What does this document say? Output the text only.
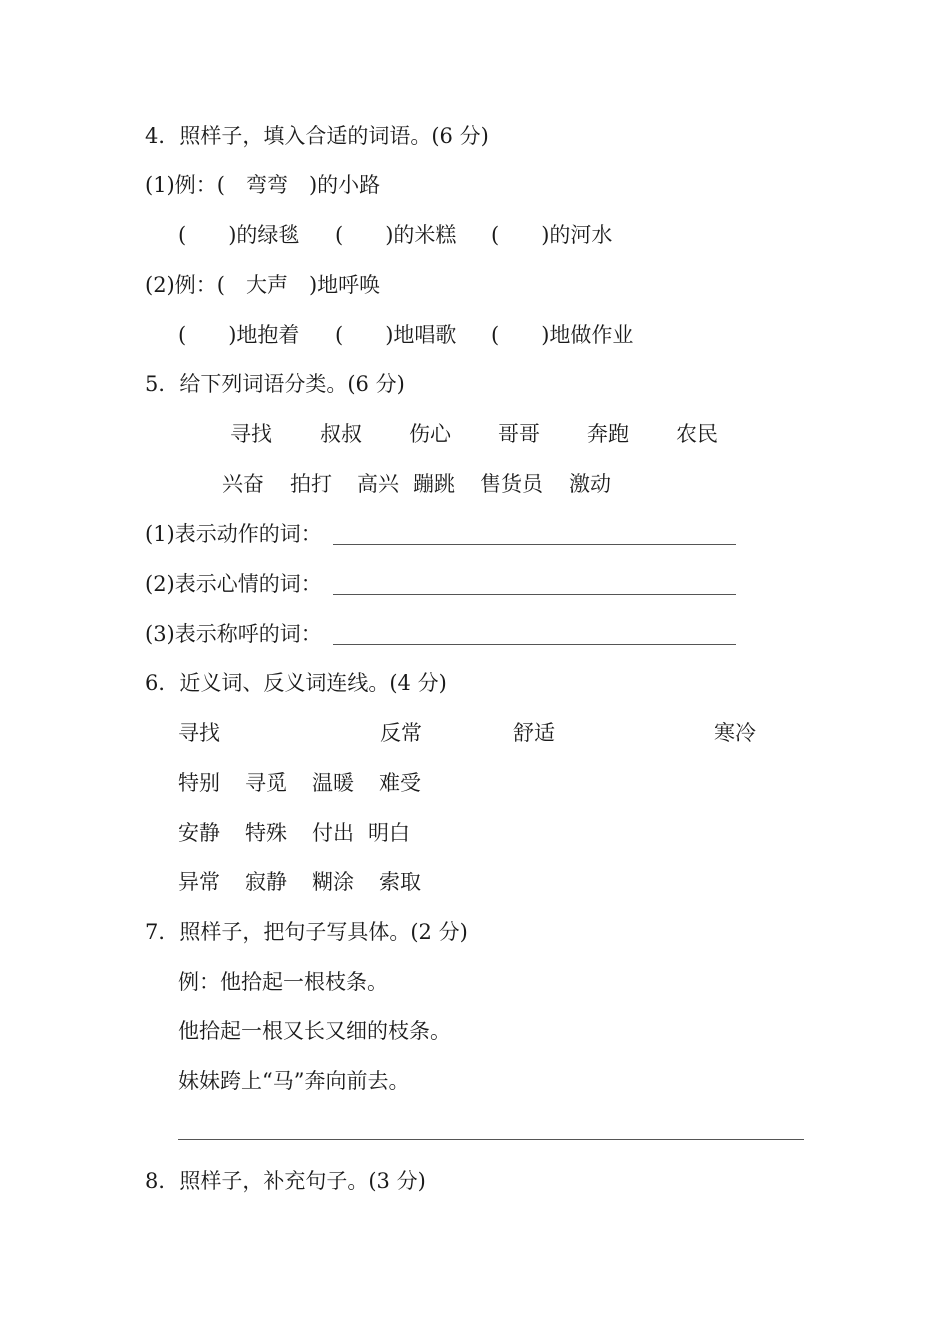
4．照样子，填入合适的词语。(6 分)
(1)例：(　弯弯　)的小路
(　　)的绿毯 (　　)的米糕 (　　)的河水
(2)例：(　大声　)地呼唤
(　　)地抱着 (　　)地唱歌 (　　)地做作业
5．给下列词语分类。(6 分)
寻找 叔叔 伤心 哥哥 奔跑 农民
兴奋 拍打 高兴 蹦跳 售货员 激动
(1)表示动作的词：
(2)表示心情的词：
(3)表示称呼的词：
6．近义词、反义词连线。(4 分)
寻找	反常	舒适	寒冷
特别 寻觅 温暖 难受
安静 特殊 付出 明白
异常 寂静 糊涂 索取
7．照样子，把句子写具体。(2 分)
例：他拾起一根枝条。
他拾起一根又长又细的枝条。
妹妹跨上“马”奔向前去。
8．照样子，补充句子。(3 分)
